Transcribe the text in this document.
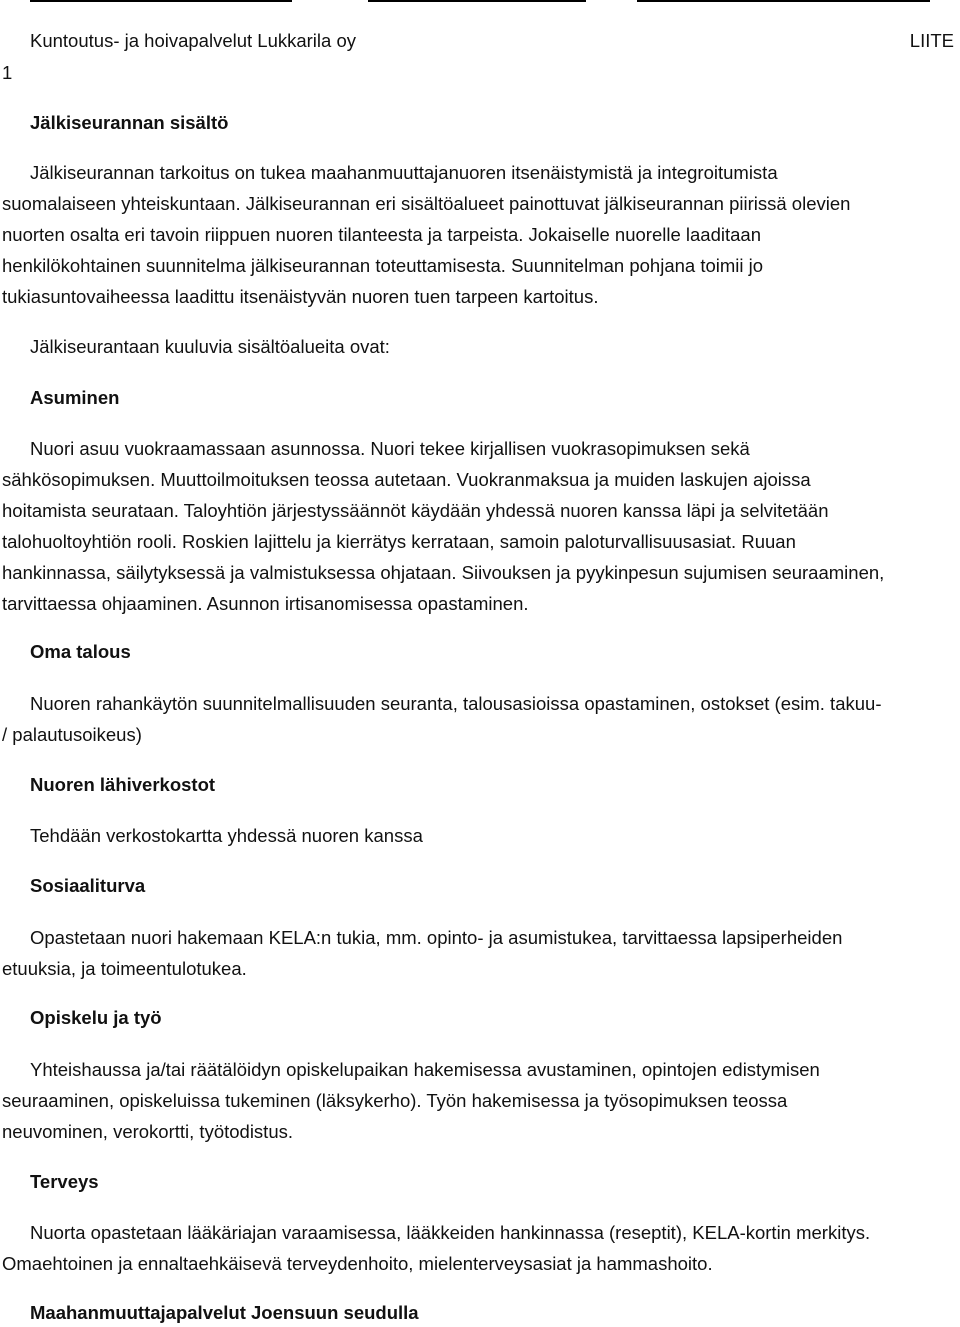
Kuntoutus- ja hoivapalvelut Lukkarila oy	LIITE
1
Jälkiseurannan sisältö
Jälkiseurannan tarkoitus on tukea maahanmuuttajanuoren itsenäistymistä ja integroitumista
suomalaiseen yhteiskuntaan. Jälkiseurannan eri sisältöalueet painottuvat jälkiseurannan piirissä olevien
nuorten osalta eri tavoin riippuen nuoren tilanteesta ja tarpeista. Jokaiselle nuorelle laaditaan
henkilökohtainen suunnitelma jälkiseurannan toteuttamisesta. Suunnitelman pohjana toimii jo
tukiasuntovaiheessa laadittu itsenäistyvän nuoren tuen tarpeen kartoitus.
Jälkiseurantaan kuuluvia sisältöalueita ovat:
Asuminen
Nuori asuu vuokraamassaan asunnossa. Nuori tekee kirjallisen vuokrasopimuksen sekä
sähkösopimuksen. Muuttoilmoituksen teossa autetaan. Vuokranmaksua ja muiden laskujen ajoissa
hoitamista seurataan. Taloyhtiön järjestyssäännöt käydään yhdessä nuoren kanssa läpi ja selvitetään
talohuoltoyhtiön rooli. Roskien lajittelu ja kierrätys kerrataan, samoin paloturvallisuusasiat. Ruuan
hankinnassa, säilytyksessä ja valmistuksessa ohjataan. Siivouksen ja pyykinpesun sujumisen seuraaminen,
tarvittaessa ohjaaminen. Asunnon irtisanomisessa opastaminen.
Oma talous
Nuoren rahankäytön suunnitelmallisuuden seuranta, talousasioissa opastaminen, ostokset (esim. takuu-
/ palautusoikeus)
Nuoren lähiverkostot
Tehdään verkostokartta yhdessä nuoren kanssa
Sosiaaliturva
Opastetaan nuori hakemaan KELA:n tukia, mm. opinto- ja asumistukea, tarvittaessa lapsiperheiden
etuuksia, ja toimeentulotukea.
Opiskelu ja työ
Yhteishaussa ja/tai räätälöidyn opiskelupaikan hakemisessa avustaminen, opintojen edistymisen
seuraaminen, opiskeluissa tukeminen (läksykerho). Työn hakemisessa ja työsopimuksen teossa
neuvominen, verokortti, työtodistus.
Terveys
Nuorta opastetaan lääkäriajan varaamisessa, lääkkeiden hankinnassa (reseptit), KELA-kortin merkitys.
Omaehtoinen ja ennaltaehkäisevä terveydenhoito, mielenterveysasiat ja hammashoito.
Maahanmuuttajapalvelut Joensuun seudulla
